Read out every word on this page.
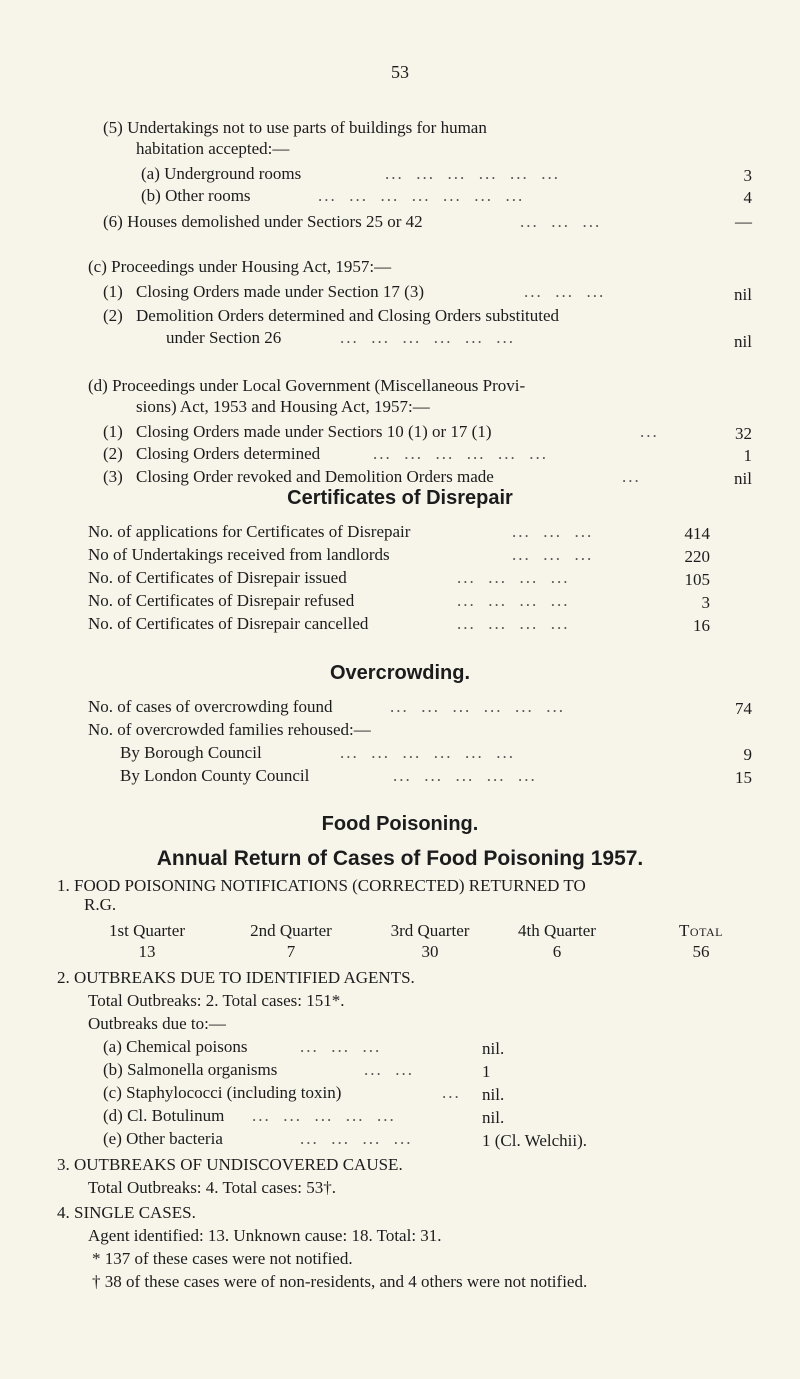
53
(5) Undertakings not to use parts of buildings for human
habitation accepted:—
(a) Underground rooms	...  ...  ...  ...  ...  ...	3
(b) Other rooms	...  ...  ...  ...  ...  ...  ...	4
(6) Houses demolished under Sectiors 25 or 42	...  ...  ...	—
(c) Proceedings under Housing Act, 1957:—
(1) Closing Orders made under Section 17 (3)	...  ...  ...	nil
(2) Demolition Orders determined and Closing Orders substituted
under Section 26	...  ...  ...  ...  ...  ...	nil
(d) Proceedings under Local Government (Miscellaneous Provi-
sions) Act, 1953 and Housing Act, 1957:—
(1) Closing Orders made under Sectiors 10 (1) or 17 (1)	...	32
(2) Closing Orders determined	...  ...  ...  ...  ...  ...	1
(3) Closing Order revoked and Demolition Orders made	...	nil
Certificates of Disrepair
No. of applications for Certificates of Disrepair	...  ...  ...	414
No of Undertakings received from landlords	...  ...  ...	220
No. of Certificates of Disrepair issued	...  ...  ...  ...	105
No. of Certificates of Disrepair refused	...  ...  ...  ...	3
No. of Certificates of Disrepair cancelled	...  ...  ...  ...	16
Overcrowding.
No. of cases of overcrowding found	...  ...  ...  ...  ...  ...	74
No. of overcrowded families rehoused:—
By Borough Council	...  ...  ...  ...  ...  ...	9
By London County Council	...  ...  ...  ...  ...	15
Food Poisoning.
Annual Return of Cases of Food Poisoning 1957.
1. FOOD POISONING NOTIFICATIONS (CORRECTED) RETURNED TO
R.G.
1st Quarter	2nd Quarter	3rd Quarter	4th Quarter	Total
13	7	30	6	56
2. OUTBREAKS DUE TO IDENTIFIED AGENTS.
Total Outbreaks: 2. Total cases: 151*.
Outbreaks due to:—
(a) Chemical poisons	...  ...  ...	nil.
(b) Salmonella organisms	...  ...	1
(c) Staphylococci (including toxin)	... nil.
(d) Cl. Botulinum ...  ...  ...  ...  ...	nil.
(e) Other bacteria	...  ...  ...  ...	1 (Cl. Welchii).
3. OUTBREAKS OF UNDISCOVERED CAUSE.
Total Outbreaks: 4. Total cases: 53†.
4. SINGLE CASES.
Agent identified: 13. Unknown cause: 18. Total: 31.
* 137 of these cases were not notified.
† 38 of these cases were of non-residents, and 4 others were not notified.
